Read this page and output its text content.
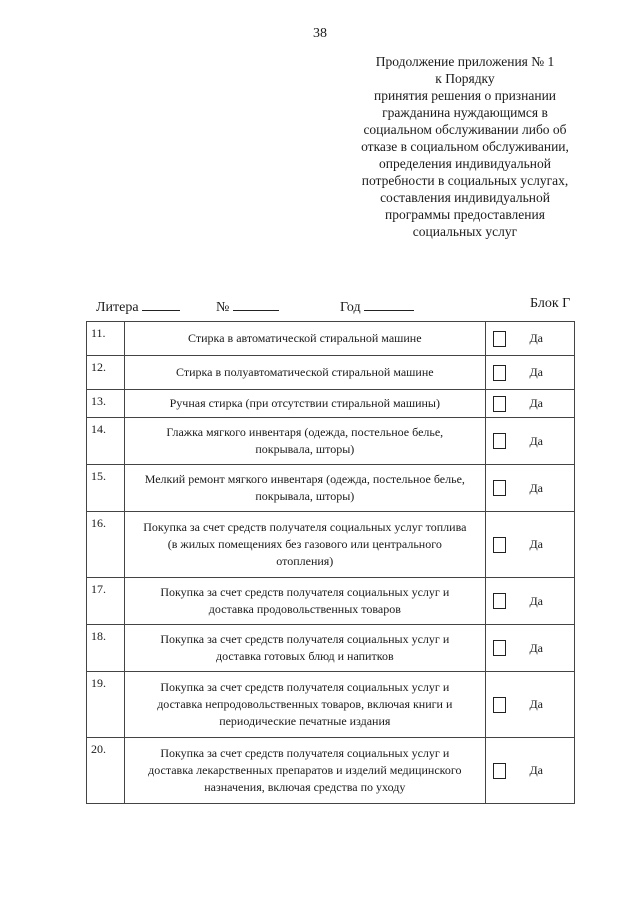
38
Продолжение приложения № 1
к Порядку
принятия решения о признании
гражданина нуждающимся в
социальном обслуживании либо об
отказе в социальном обслуживании,
определения индивидуальной
потребности в социальных услугах,
составления индивидуальной
программы предоставления
социальных услуг
Литера	№	Год	Блок Г
11.	Стирка в автоматической стиральной машине	Да

12.	Стирка в полуавтоматической стиральной машине	Да

13.	Ручная стирка (при отсутствии стиральной машины)	Да

14.	Глажка мягкого инвентаря (одежда, постельное белье,
покрывала, шторы)	Да

15.	Мелкий ремонт мягкого инвентаря (одежда, постельное белье,
покрывала, шторы)	Да

16.	Покупка за счет средств получателя социальных услуг топлива
(в жилых помещениях без газового или центрального
отопления)	Да

17.	Покупка за счет средств получателя социальных услуг и
доставка продовольственных товаров	Да

18.	Покупка за счет средств получателя социальных услуг и
доставка готовых блюд и напитков	Да

19.	Покупка за счет средств получателя социальных услуг и
доставка непродовольственных товаров, включая книги и
периодические печатные издания	Да

20.	Покупка за счет средств получателя социальных услуг и
доставка лекарственных препаратов и изделий медицинского
назначения, включая средства по уходу	Да
